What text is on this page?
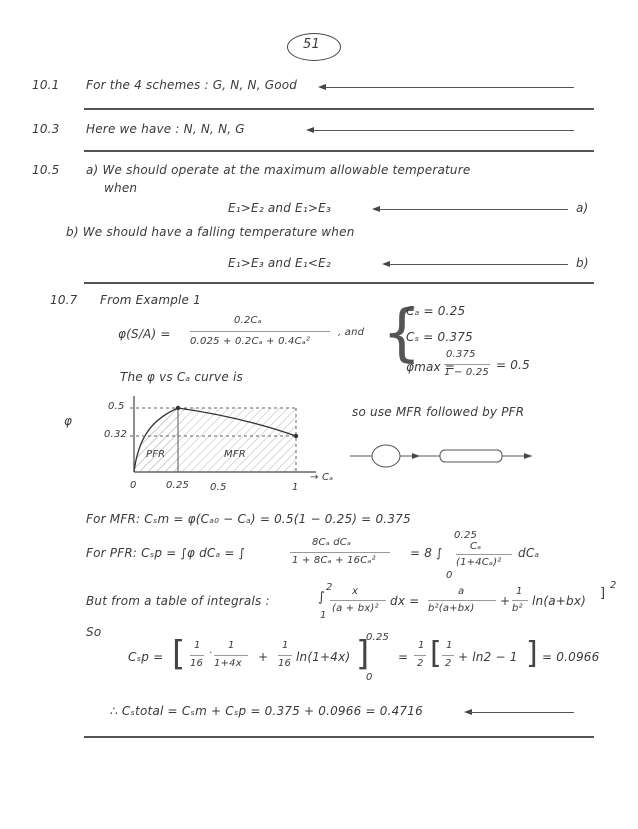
51
10.1 For the 4 schemes : G, N, N, Good
10.3 Here we have : N, N, N, G
10.5 a) We should operate at the maximum allowable temperature
when
E₁>E₂ and E₁>E₃	a)
b) We should have a falling temperature when
E₁>E₃ and E₁<E₂	b)
10.7 From Example 1
φ(S/A) =
0.2Cₐ
0.025 + 0.2Cₐ + 0.4Cₐ²
, and {
Cₐ = 0.25
Cₛ = 0.375
φmax =
0.375
1 − 0.25
= 0.5
The φ vs Cₐ curve is
φ
0.5
0.32
PFR	MFR
0	0.25 0.5	1
→ Cₐ
so use MFR followed by PFR
For MFR: Cₛm = φ(Cₐ₀ − Cₐ) = 0.5(1 − 0.25) = 0.375
For PFR: Cₛp = ∫φ dCₐ = ∫
8Cₐ dCₐ
1 + 8Cₐ + 16Cₐ²
= 8 ∫
0.25
0
Cₐ
(1+4Cₐ)²
dCₐ
But from a table of integrals :	∫
2
1
x
(a + bx)²
dx =
a
b²(a+bx)
+
1
b²
ln(a+bx) ]
2
So
Cₛp = [ 1
16
·
1
1+4x +
1
16 ln(1+4x) ]
0.25
0
=
1
2 [ 1
2 + ln2 − 1 ] = 0.0966
∴ Cₛtotal = Cₛm + Cₛp = 0.375 + 0.0966 = 0.4716
